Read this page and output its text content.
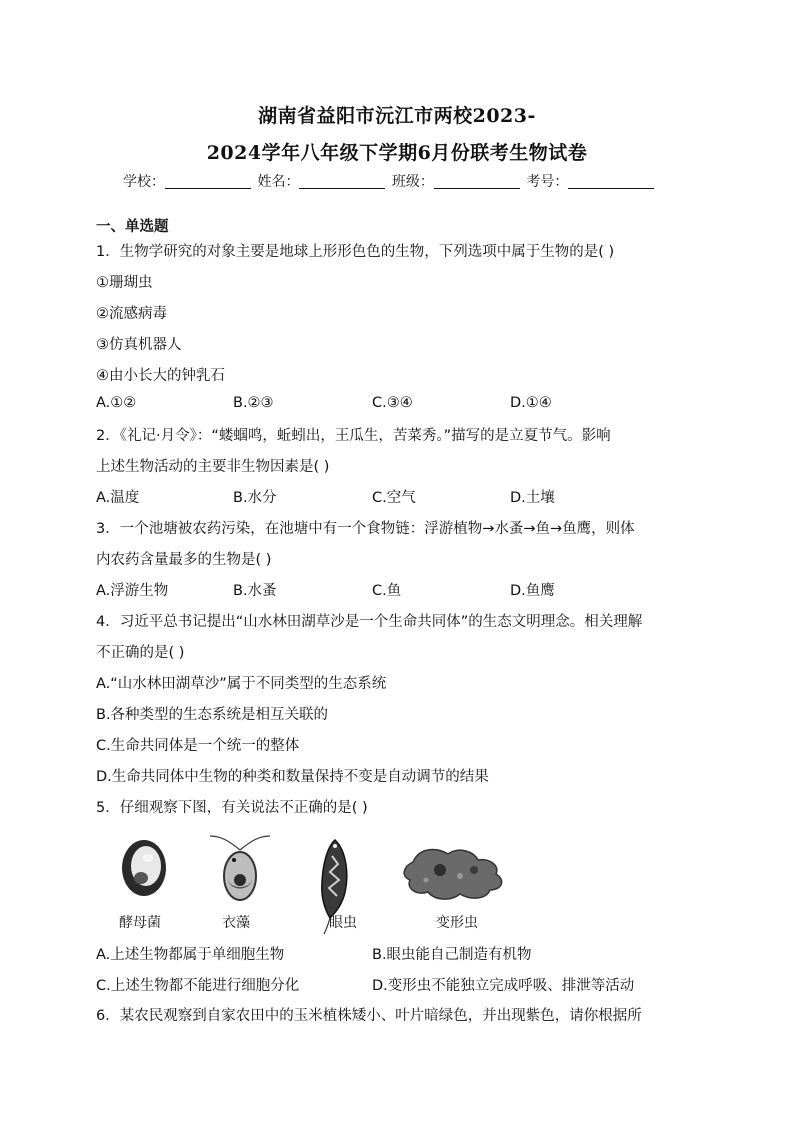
湖南省益阳市沅江市两校2023-
2024学年八年级下学期6月份联考生物试卷
学校：	姓名：	班级：	考号：
一、单选题
1．生物学研究的对象主要是地球上形形色色的生物，下列选项中属于生物的是( )
①珊瑚虫
②流感病毒
③仿真机器人
④由小长大的钟乳石
A.①②	B.②③	C.③④	D.①④
2．《礼记·月令》：“蝼蝈鸣，蚯蚓出，王瓜生，苦菜秀。”描写的是立夏节气。影响
上述生物活动的主要非生物因素是( )
A.温度	B.水分	C.空气	D.土壤
3．一个池塘被农药污染，在池塘中有一个食物链：浮游植物→水蚤→鱼→鱼鹰，则体
内农药含量最多的生物是( )
A.浮游生物	B.水蚤	C.鱼	D.鱼鹰
4．习近平总书记提出“山水林田湖草沙是一个生命共同体”的生态文明理念。相关理解
不正确的是( )
A.“山水林田湖草沙”属于不同类型的生态系统
B.各种类型的生态系统是相互关联的
C.生命共同体是一个统一的整体
D.生命共同体中生物的种类和数量保持不变是自动调节的结果
5．仔细观察下图，有关说法不正确的是( )
酵母菌	衣藻	眼虫	变形虫
A.上述生物都属于单细胞生物	B.眼虫能自己制造有机物
C.上述生物都不能进行细胞分化	D.变形虫不能独立完成呼吸、排泄等活动
6．某农民观察到自家农田中的玉米植株矮小、叶片暗绿色，并出现紫色，请你根据所
